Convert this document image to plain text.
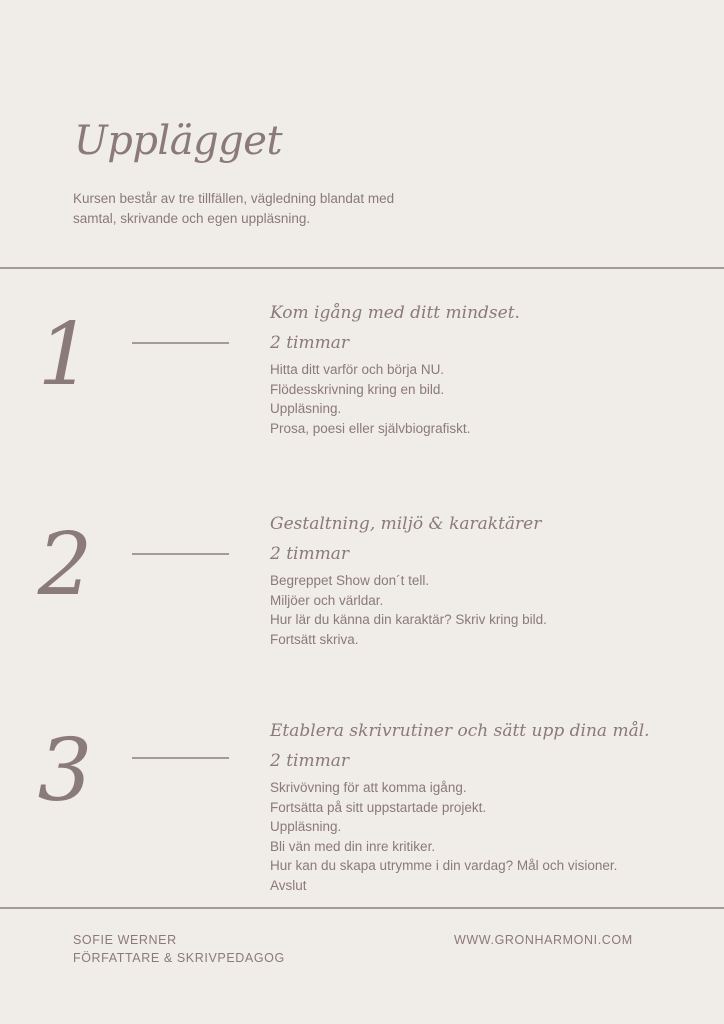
Upplägget
Kursen består av tre tillfällen, vägledning blandat med samtal, skrivande och egen uppläsning.
1	Kom igång med ditt mindset.
2 timmar
Hitta ditt varför och börja NU.
Flödesskrivning kring en bild.
Uppläsning.
Prosa, poesi eller självbiografiskt.
2	Gestaltning, miljö & karaktärer
2 timmar
Begreppet Show don´t tell.
Miljöer och världar.
Hur lär du känna din karaktär? Skriv kring bild.
Fortsätt skriva.
3	Etablera skrivrutiner och sätt upp dina mål.
2 timmar
Skrivövning för att komma igång.
Fortsätta på sitt uppstartade projekt.
Uppläsning.
Bli vän med din inre kritiker.
Hur kan du skapa utrymme i din vardag? Mål och visioner.
Avslut
SOFIE WERNER
FÖRFATTARE & SKRIVPEDAGOG
WWW.GRONHARMONI.COM
